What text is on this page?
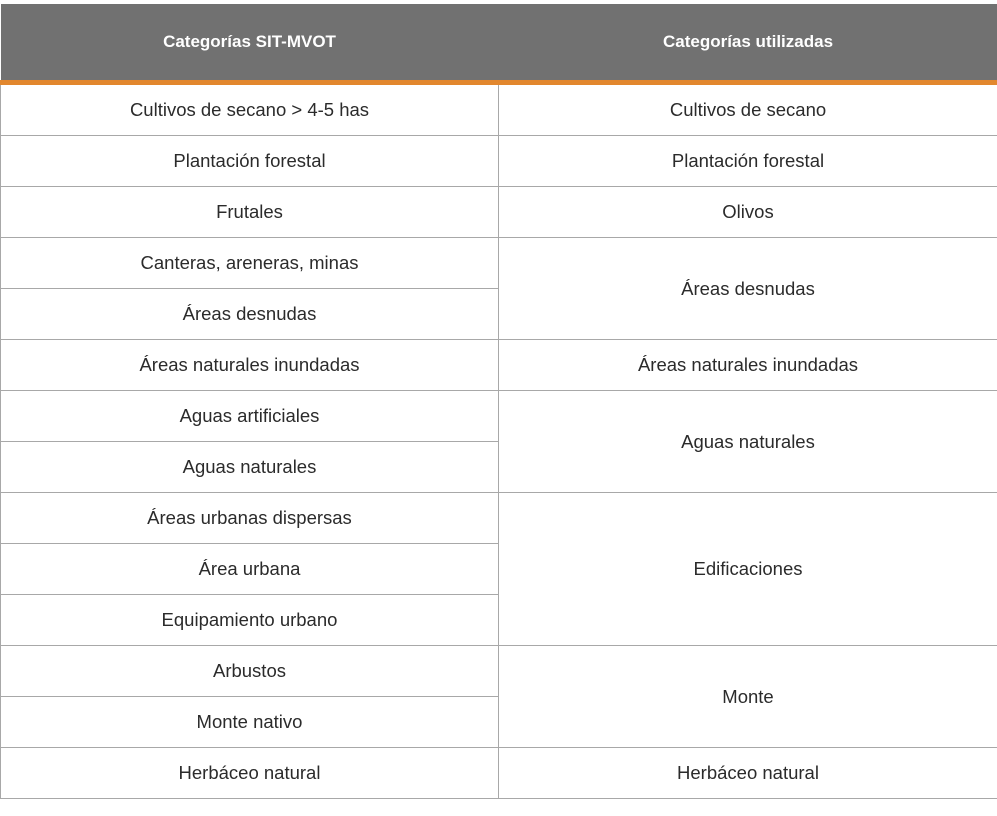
Categorías SIT-MVOT	Categorías utilizadas
Cultivos de secano > 4-5 has	Cultivos de secano
Plantación forestal	Plantación forestal
Frutales	Olivos
Canteras, areneras, minas	Áreas desnudas
Áreas desnudas	
Áreas naturales inundadas	Áreas naturales inundadas
Aguas artificiales	Aguas naturales
Aguas naturales	
Áreas urbanas dispersas	Edificaciones
Área urbana	
Equipamiento urbano	
Arbustos	Monte
Monte nativo	
Herbáceo natural	Herbáceo natural
